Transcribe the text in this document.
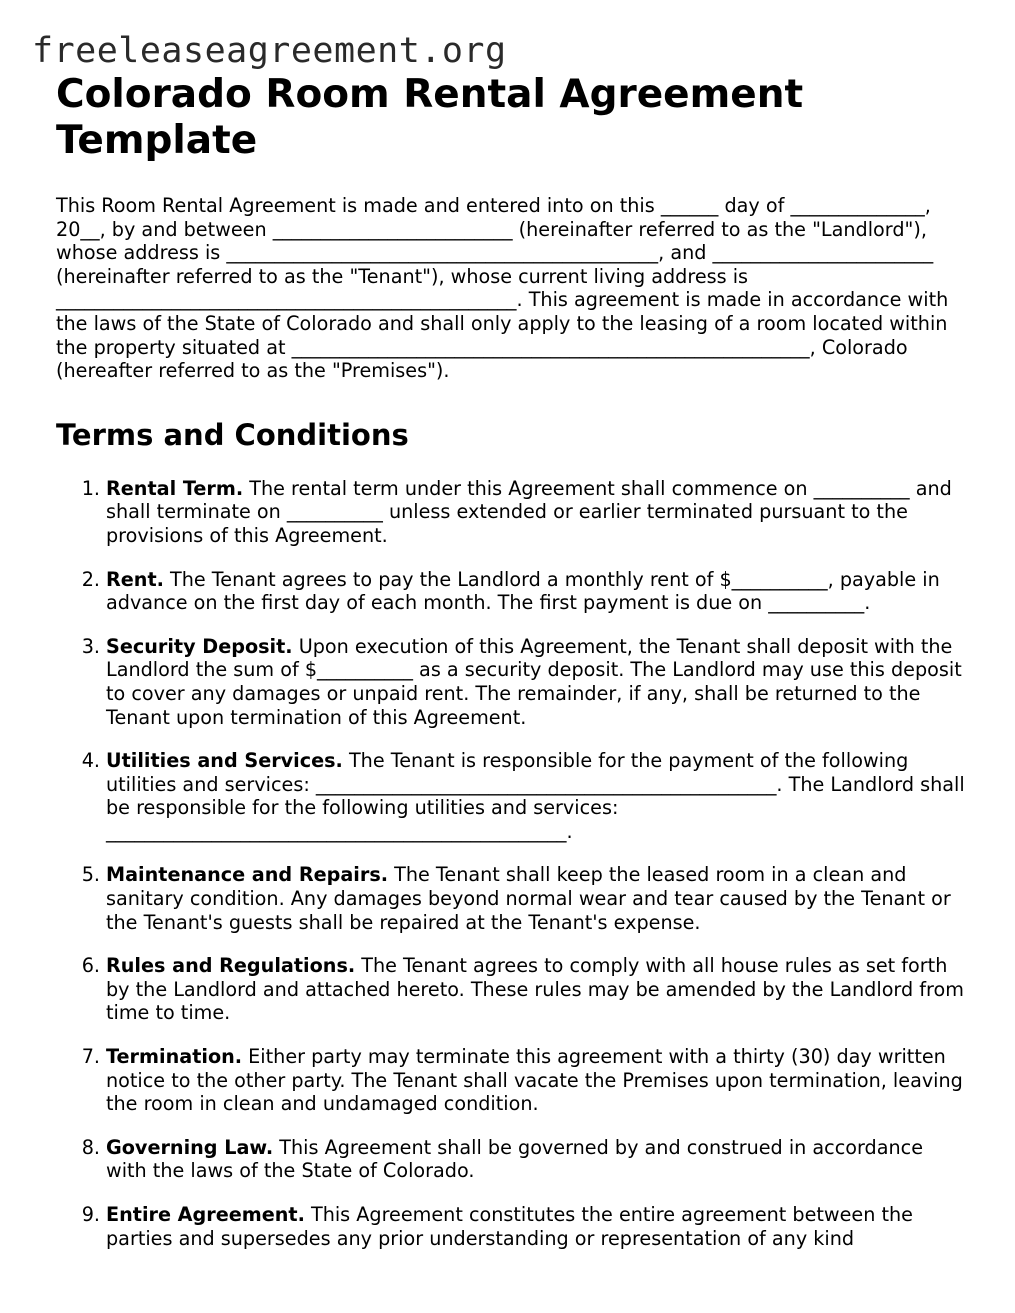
freeleaseagreement.org
Colorado Room Rental Agreement Template

This Room Rental Agreement is made and entered into on this ______ day of ______________, 20__, by and between _________________________ (hereinafter referred to as the "Landlord"), whose address is _____________________________________________, and _______________________ (hereinafter referred to as the "Tenant"), whose current living address is ________________________________________________. This agreement is made in accordance with the laws of the State of Colorado and shall only apply to the leasing of a room located within the property situated at ______________________________________________________, Colorado (hereafter referred to as the "Premises").

Terms and Conditions
1. Rental Term. The rental term under this Agreement shall commence on __________ and shall terminate on __________ unless extended or earlier terminated pursuant to the provisions of this Agreement.
2. Rent. The Tenant agrees to pay the Landlord a monthly rent of $__________, payable in advance on the first day of each month. The first payment is due on __________.
3. Security Deposit. Upon execution of this Agreement, the Tenant shall deposit with the Landlord the sum of $__________ as a security deposit. The Landlord may use this deposit to cover any damages or unpaid rent. The remainder, if any, shall be returned to the Tenant upon termination of this Agreement.
4. Utilities and Services. The Tenant is responsible for the payment of the following utilities and services: ________________________________________________. The Landlord shall be responsible for the following utilities and services: ________________________________________________.
5. Maintenance and Repairs. The Tenant shall keep the leased room in a clean and sanitary condition. Any damages beyond normal wear and tear caused by the Tenant or the Tenant's guests shall be repaired at the Tenant's expense.
6. Rules and Regulations. The Tenant agrees to comply with all house rules as set forth by the Landlord and attached hereto. These rules may be amended by the Landlord from time to time.
7. Termination. Either party may terminate this agreement with a thirty (30) day written notice to the other party. The Tenant shall vacate the Premises upon termination, leaving the room in clean and undamaged condition.
8. Governing Law. This Agreement shall be governed by and construed in accordance with the laws of the State of Colorado.
9. Entire Agreement. This Agreement constitutes the entire agreement between the parties and supersedes any prior understanding or representation of any kind
